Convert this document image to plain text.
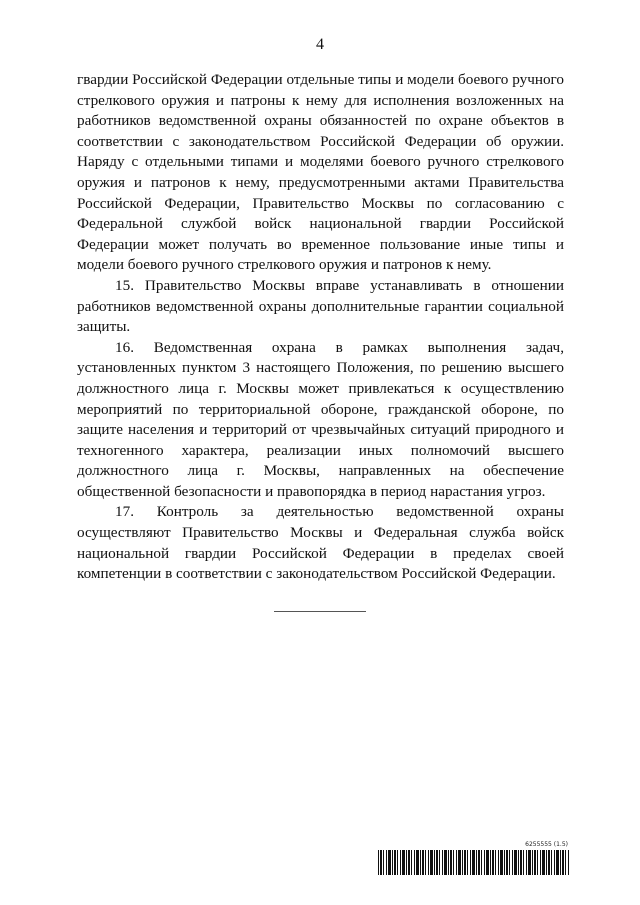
4

гвардии Российской Федерации отдельные типы и модели боевого ручного стрелкового оружия и патроны к нему для исполнения возложенных на работников ведомственной охраны обязанностей по охране объектов в соответствии с законодательством Российской Федерации об оружии. Наряду с отдельными типами и моделями боевого ручного стрелкового оружия и патронов к нему, предусмотренными актами Правительства Российской Федерации, Правительство Москвы по согласованию с Федеральной службой войск национальной гвардии Российской Федерации может получать во временное пользование иные типы и модели боевого ручного стрелкового оружия и патронов к нему.

15. Правительство Москвы вправе устанавливать в отношении работников ведомственной охраны дополнительные гарантии социальной защиты.

16. Ведомственная охрана в рамках выполнения задач, установленных пунктом 3 настоящего Положения, по решению высшего должностного лица г. Москвы может привлекаться к осуществлению мероприятий по территориальной обороне, гражданской обороне, по защите населения и территорий от чрезвычайных ситуаций природного и техногенного характера, реализации иных полномочий высшего должностного лица г. Москвы, направленных на обеспечение общественной безопасности и правопорядка в период нарастания угроз.

17. Контроль за деятельностью ведомственной охраны осуществляют Правительство Москвы и Федеральная служба войск национальной гвардии Российской Федерации в пределах своей компетенции в соответствии с законодательством Российской Федерации.

6255555 (1.5)
